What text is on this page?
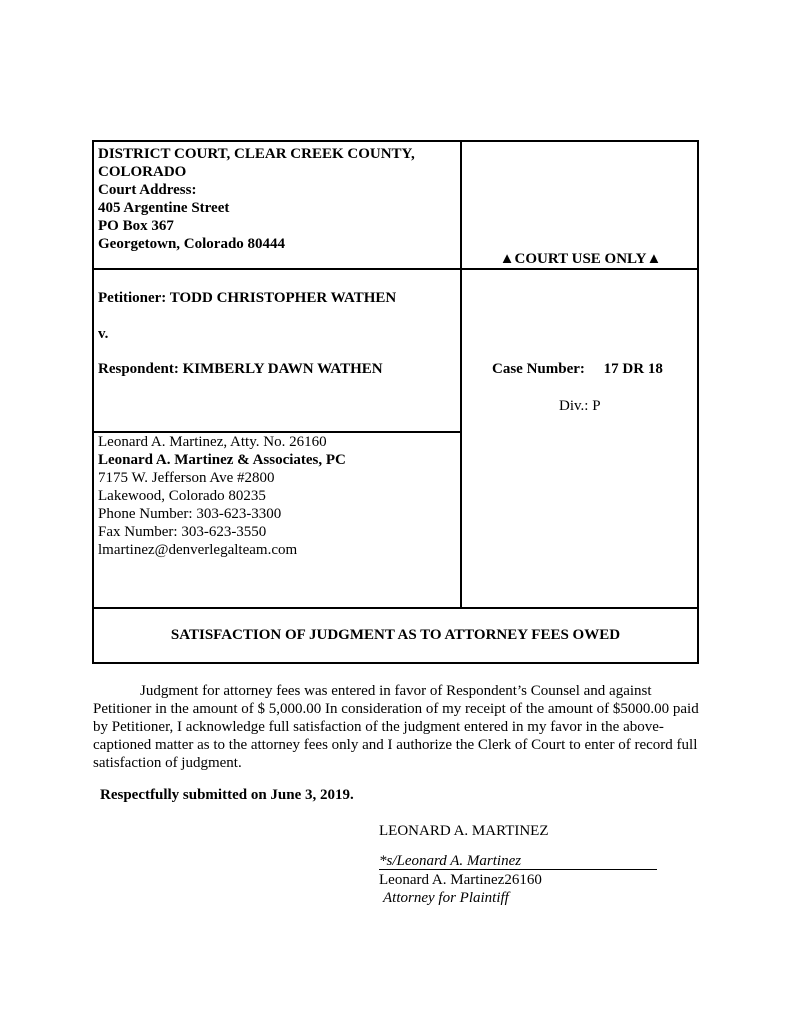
DISTRICT COURT, CLEAR CREEK COUNTY,
COLORADO
Court Address:
405 Argentine Street
PO Box 367
Georgetown, Colorado 80444
▲COURT USE ONLY▲

Petitioner: TODD CHRISTOPHER WATHEN

v.

Respondent: KIMBERLY DAWN WATHEN	Case Number:     17 DR 18
Div.: P
Leonard A. Martinez, Atty. No. 26160
Leonard A. Martinez & Associates, PC
7175 W. Jefferson Ave #2800
Lakewood, Colorado 80235
Phone Number: 303-623-3300
Fax Number: 303-623-3550
lmartinez@denverlegalteam.com
SATISFACTION OF JUDGMENT AS TO ATTORNEY FEES OWED

Judgment for attorney fees was entered in favor of Respondent’s Counsel and against Petitioner in the amount of $ 5,000.00 In consideration of my receipt of the amount of $5000.00 paid by Petitioner, I acknowledge full satisfaction of the judgment entered in my favor in the above-captioned matter as to the attorney fees only and I authorize the Clerk of Court to enter of record full satisfaction of judgment.

Respectfully submitted on June 3, 2019.
LEONARD A. MARTINEZ
*s/Leonard A. Martinez
Leonard A. Martinez26160
Attorney for Plaintiff
